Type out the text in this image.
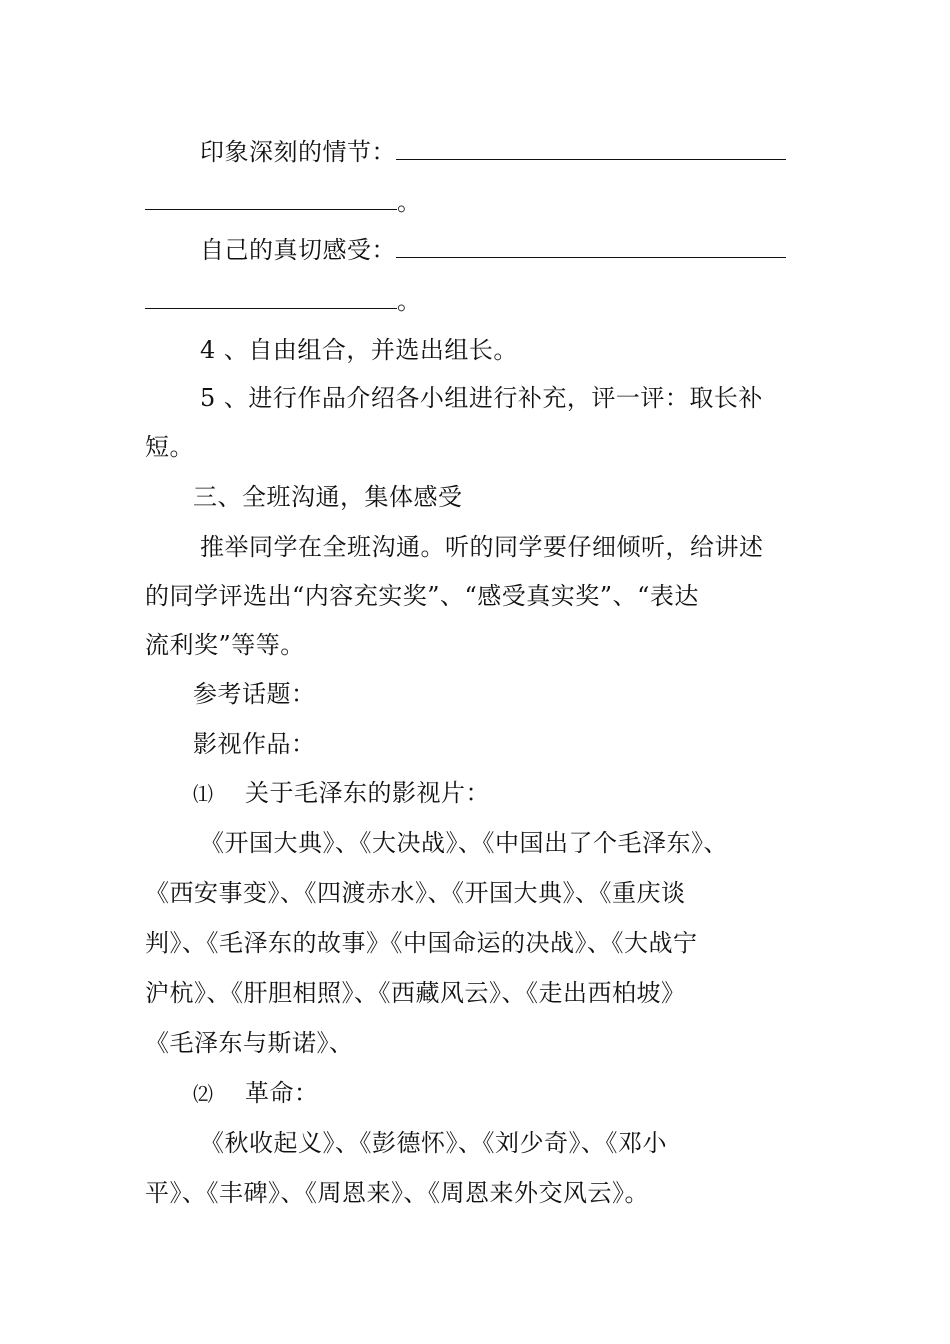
印象深刻的情节：
。
自己的真切感受：
。
4 、自由组合，并选出组长。
5 、进行作品介绍各小组进行补充，评一评：取长补
短。
三、全班沟通，集体感受
推举同学在全班沟通。听的同学要仔细倾听，给讲述
的同学评选出“内容充实奖”、“感受真实奖”、“表达
流利奖”等等。
参考话题：
影视作品：
⑴ 关于毛泽东的影视片：
《开国大典》、《大决战》、《中国出了个毛泽东》、
《西安事变》、《四渡赤水》、《开国大典》、《重庆谈
判》、《毛泽东的故事》《中国命运的决战》、《大战宁
沪杭》、《肝胆相照》、《西藏风云》、《走出西柏坡》
《毛泽东与斯诺》、
⑵ 革命：
《秋收起义》、《彭德怀》、《刘少奇》、《邓小
平》、《丰碑》、《周恩来》、《周恩来外交风云》。
